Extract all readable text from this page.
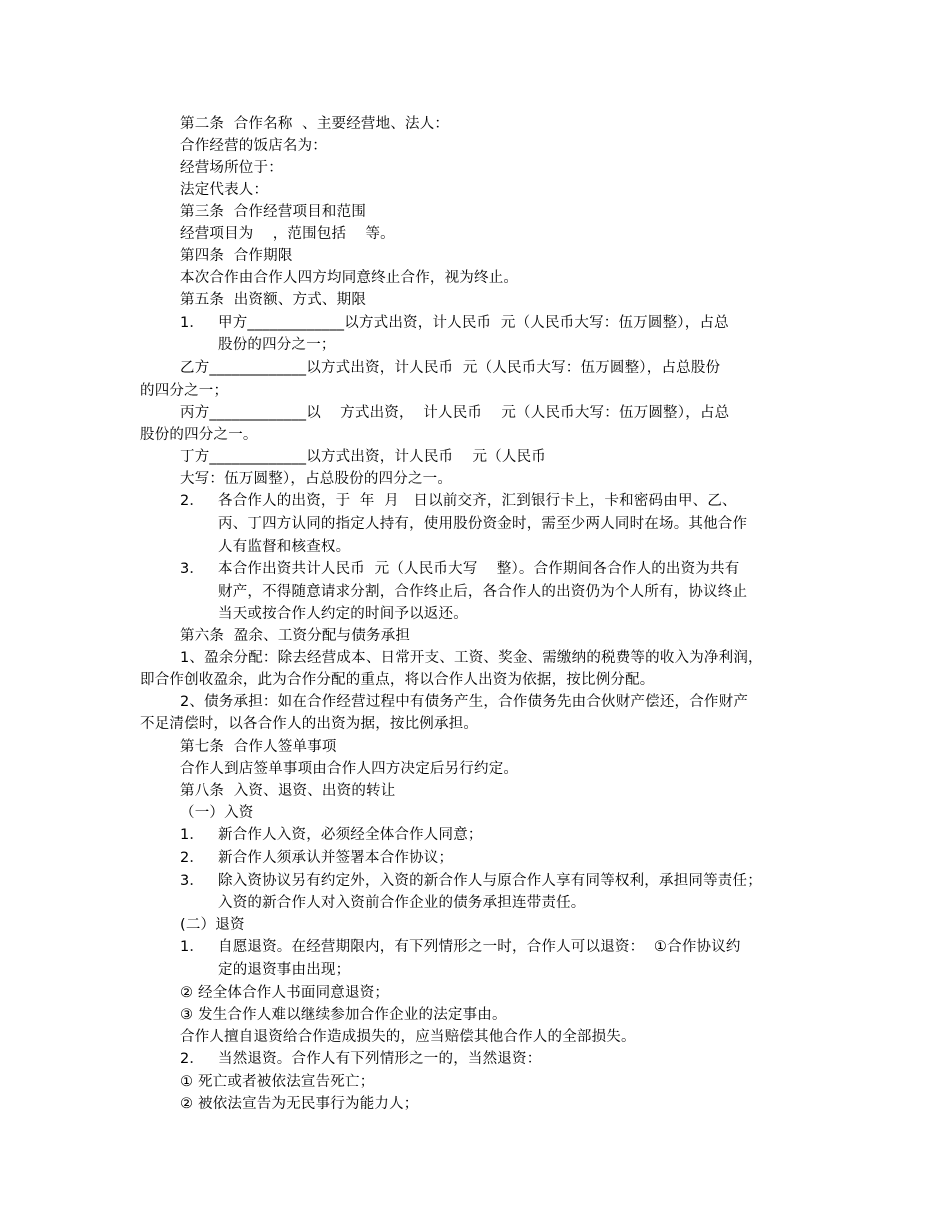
第二条  合作名称  、主要经营地、法人：
合作经营的饭店名为：
经营场所位于：
法定代表人：
第三条  合作经营项目和范围
经营项目为    ，范围包括    等。
第四条  合作期限
本次合作由合作人四方均同意终止合作，视为终止。
第五条  出资额、方式、期限
1． 甲方_____________以方式出资，计人民币  元（人民币大写：伍万圆整），占总
股份的四分之一；
乙方_____________以方式出资，计人民币  元（人民币大写：伍万圆整），占总股份
的四分之一；
丙方_____________以    方式出资，  计人民币    元（人民币大写：伍万圆整），占总
股份的四分之一。
丁方_____________以方式出资，计人民币    元（人民币
大写：伍万圆整），占总股份的四分之一。
2． 各合作人的出资，于  年  月   日以前交齐，汇到银行卡上，卡和密码由甲、乙、
丙、丁四方认同的指定人持有，使用股份资金时，需至少两人同时在场。其他合作
人有监督和核查权。
3． 本合作出资共计人民币  元（人民币大写    整）。合作期间各合作人的出资为共有
财产，不得随意请求分割，合作终止后，各合作人的出资仍为个人所有，协议终止
当天或按合作人约定的时间予以返还。
第六条  盈余、工资分配与债务承担
1、盈余分配：除去经营成本、日常开支、工资、奖金、需缴纳的税费等的收入为净利润，
即合作创收盈余，此为合作分配的重点，将以合作人出资为依据，按比例分配。
2、债务承担：如在合作经营过程中有债务产生，合作债务先由合伙财产偿还，合作财产
不足清偿时，以各合作人的出资为据，按比例承担。
第七条  合作人签单事项
合作人到店签单事项由合作人四方决定后另行约定。
第八条  入资、退资、出资的转让
（一）入资
1． 新合作人入资，必须经全体合作人同意；
2． 新合作人须承认并签署本合作协议；
3． 除入资协议另有约定外，入资的新合作人与原合作人享有同等权利，承担同等责任；
入资的新合作人对入资前合作企业的债务承担连带责任。
(二）退资
1． 自愿退资。在经营期限内，有下列情形之一时，合作人可以退资：  ①合作协议约
定的退资事由出现；
② 经全体合作人书面同意退资；
③ 发生合作人难以继续参加合作企业的法定事由。
合作人擅自退资给合作造成损失的，应当赔偿其他合作人的全部损失。
2． 当然退资。合作人有下列情形之一的，当然退资：
① 死亡或者被依法宣告死亡；
② 被依法宣告为无民事行为能力人；
